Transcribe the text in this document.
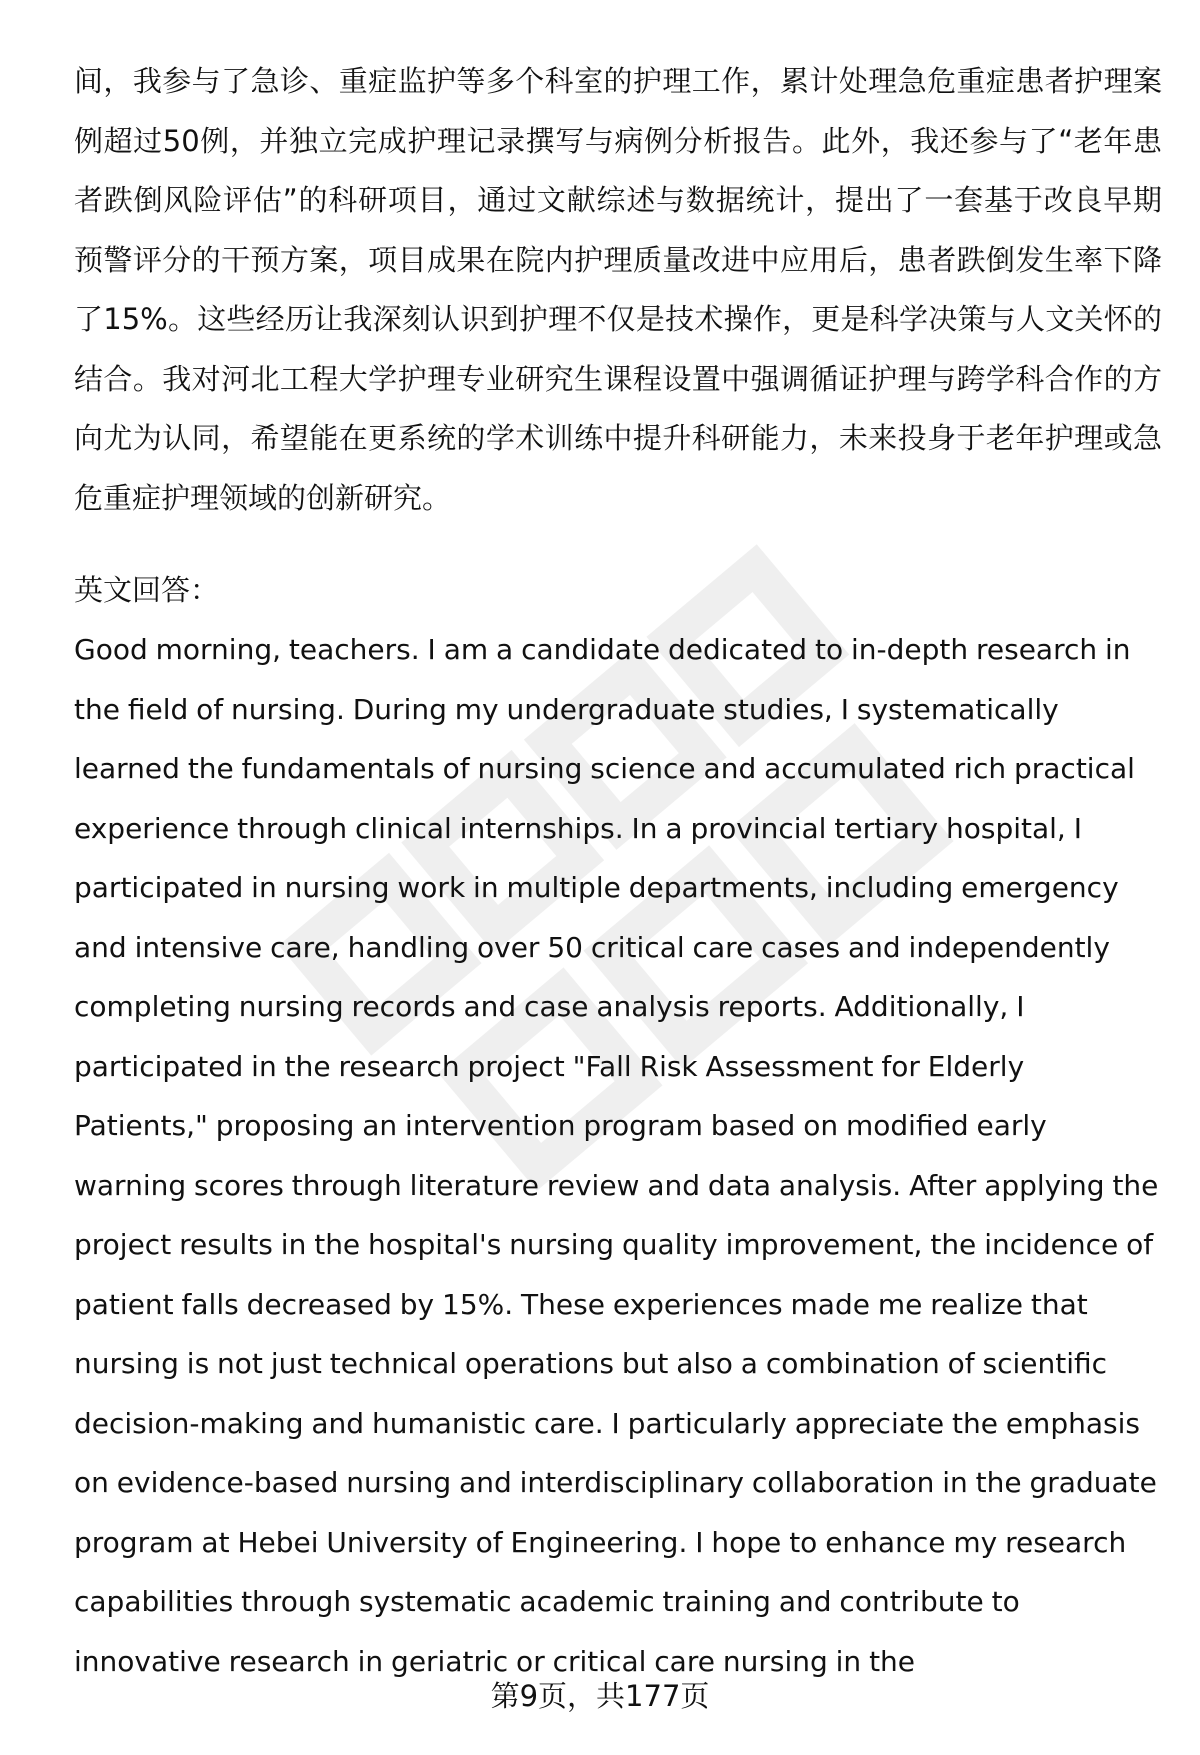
间，我参与了急诊、重症监护等多个科室的护理工作，累计处理急危重症患者护理案例超过50例，并独立完成护理记录撰写与病例分析报告。此外，我还参与了“老年患者跌倒风险评估”的科研项目，通过文献综述与数据统计，提出了一套基于改良早期预警评分的干预方案，项目成果在院内护理质量改进中应用后，患者跌倒发生率下降了15%。这些经历让我深刻认识到护理不仅是技术操作，更是科学决策与人文关怀的结合。我对河北工程大学护理专业研究生课程设置中强调循证护理与跨学科合作的方向尤为认同，希望能在更系统的学术训练中提升科研能力，未来投身于老年护理或急危重症护理领域的创新研究。

英文回答：

Good morning, teachers. I am a candidate dedicated to in-depth research in the field of nursing. During my undergraduate studies, I systematically learned the fundamentals of nursing science and accumulated rich practical experience through clinical internships. In a provincial tertiary hospital, I participated in nursing work in multiple departments, including emergency and intensive care, handling over 50 critical care cases and independently completing nursing records and case analysis reports. Additionally, I participated in the research project "Fall Risk Assessment for Elderly Patients," proposing an intervention program based on modified early warning scores through literature review and data analysis. After applying the project results in the hospital's nursing quality improvement, the incidence of patient falls decreased by 15%. These experiences made me realize that nursing is not just technical operations but also a combination of scientific decision-making and humanistic care. I particularly appreciate the emphasis on evidence-based nursing and interdisciplinary collaboration in the graduate program at Hebei University of Engineering. I hope to enhance my research capabilities through systematic academic training and contribute to innovative research in geriatric or critical care nursing in the

第9页，共177页
